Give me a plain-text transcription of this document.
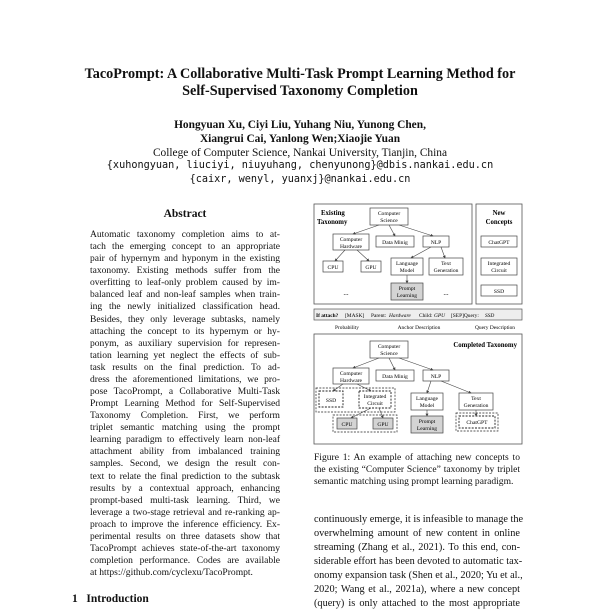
TacoPrompt: A Collaborative Multi-Task Prompt Learning Method for
Self-Supervised Taxonomy Completion
Hongyuan Xu, Ciyi Liu, Yuhang Niu, Yunong Chen,
Xiangrui Cai, Yanlong Wen;Xiaojie Yuan
College of Computer Science, Nankai University, Tianjin, China
{xuhongyuan, liuciyi, niuyuhang, chenyunong}@dbis.nankai.edu.cn
{caixr, wenyl, yuanxj}@nankai.edu.cn
Abstract
Automatic taxonomy completion aims to at-
tach the emerging concept to an appropriate
pair of hypernym and hyponym in the existing
taxonomy. Existing methods suffer from the
overfitting to leaf-only problem caused by im-
balanced leaf and non-leaf samples when train-
ing the newly initialized classification head.
Besides, they only leverage subtasks, namely
attaching the concept to its hypernym or hy-
ponym, as auxiliary supervision for represen-
tation learning yet neglect the effects of sub-
task results on the final prediction. To ad-
dress the aforementioned limitations, we pro-
pose TacoPrompt, a Collaborative Multi-Task
Prompt Learning Method for Self-Supervised
Taxonomy Completion. First, we perform
triplet semantic matching using the prompt
learning paradigm to effectively learn non-leaf
attachment ability from imbalanced training
samples. Second, we design the result con-
text to relate the final prediction to the subtask
results by a contextual approach, enhancing
prompt-based multi-task learning. Third, we
leverage a two-stage retrieval and re-ranking ap-
proach to improve the inference efficiency. Ex-
perimental results on three datasets show that
TacoPrompt achieves state-of-the-art taxonomy
completion performance. Codes are available
at https://github.com/cyclexu/TacoPrompt.
1 Introduction
Existing
Taxonomy
Computer
Science
Computer
Hardware
Data Minig	NLP
CPU	GPU
Language
Model
Text
Generation
Prompt
Learning
...	...
New
Concepts
ChatGPT
Integrated
Circuit
SSD
If attach? [MASK] Parent: Hardware Child: GPU [SEP]Query: SSD
Probability	Anchor Description	Query Description
Completed Taxonomy
Computer
Science
Computer
Hardware
Data Minig	NLP
SSD
Integrated
Circuit
Language
Model
Text
Generation
CPU	GPU	Prompt
Learning
ChatGPT
Figure 1: An example of attaching new concepts to
the existing “Computer Science” taxonomy by triplet
semantic matching using prompt learning paradigm.
continuously emerge, it is infeasible to manage the
overwhelming amount of new content in online
streaming (Zhang et al., 2021). To this end, con-
siderable effort has been devoted to automatic tax-
onomy expansion task (Shen et al., 2020; Yu et al.,
2020; Wang et al., 2021a), where a new concept
(query) is only attached to the most appropriate
